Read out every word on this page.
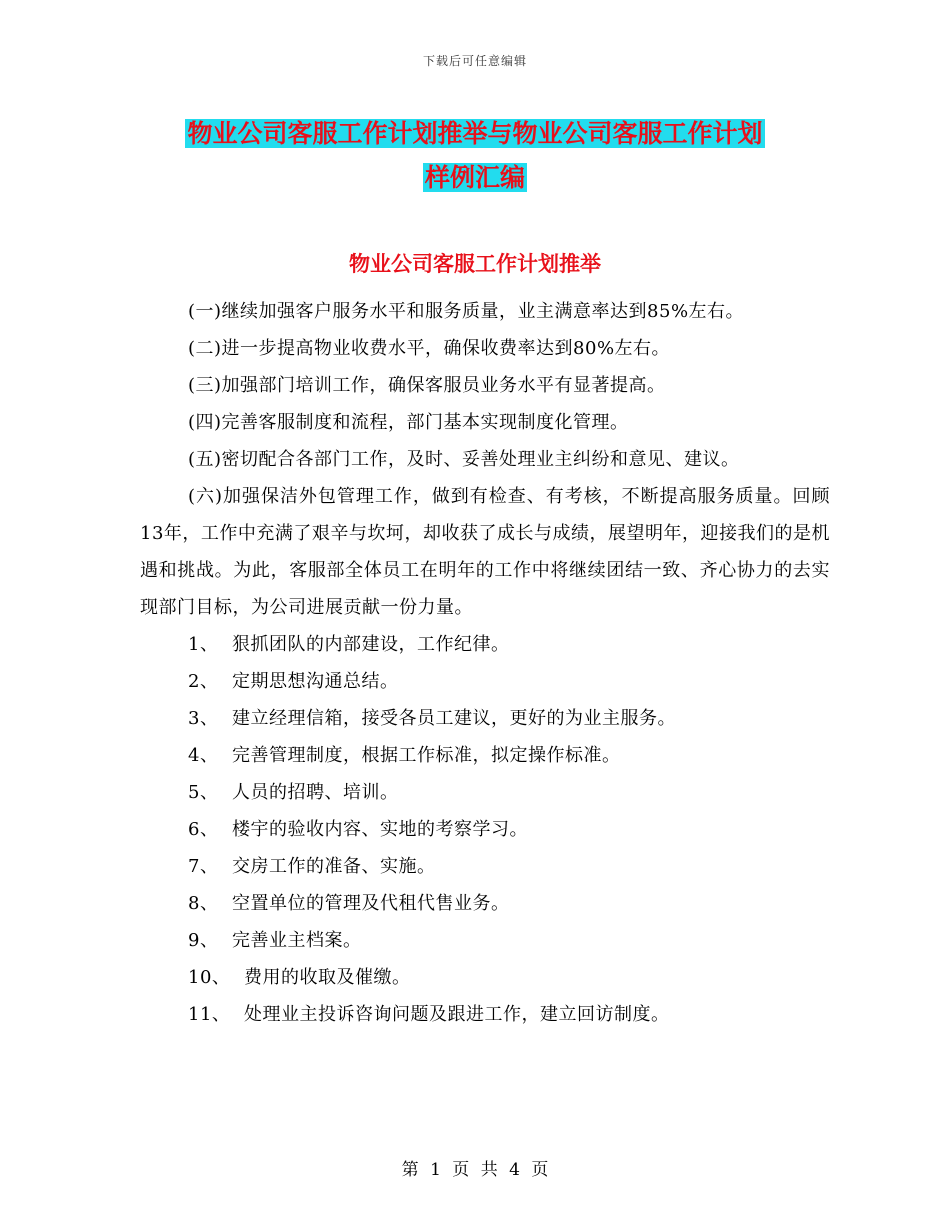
下载后可任意编辑
物业公司客服工作计划推举与物业公司客服工作计划
样例汇编
物业公司客服工作计划推举

(一)继续加强客户服务水平和服务质量，业主满意率达到85%左右。

(二)进一步提高物业收费水平，确保收费率达到80%左右。

(三)加强部门培训工作，确保客服员业务水平有显著提高。

(四)完善客服制度和流程，部门基本实现制度化管理。

(五)密切配合各部门工作，及时、妥善处理业主纠纷和意见、建议。

(六)加强保洁外包管理工作，做到有检查、有考核，不断提高服务质量。回顾13年，工作中充满了艰辛与坎坷，却收获了成长与成绩，展望明年，迎接我们的是机遇和挑战。为此，客服部全体员工在明年的工作中将继续团结一致、齐心协力的去实现部门目标，为公司进展贡献一份力量。

1、 狠抓团队的内部建设，工作纪律。

2、 定期思想沟通总结。

3、 建立经理信箱，接受各员工建议，更好的为业主服务。

4、 完善管理制度，根据工作标准，拟定操作标准。

5、 人员的招聘、培训。

6、 楼宇的验收内容、实地的考察学习。

7、 交房工作的准备、实施。

8、 空置单位的管理及代租代售业务。

9、 完善业主档案。

10、 费用的收取及催缴。

11、 处理业主投诉咨询问题及跟进工作，建立回访制度。

第 1 页 共 4 页
